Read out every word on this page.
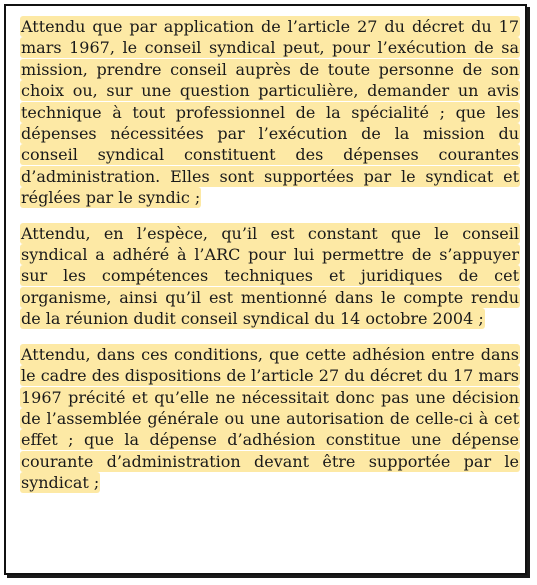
Attendu que par application de l’article 27 du décret du 17 mars 1967, le conseil syndical peut, pour l’exécution de sa mission, prendre conseil auprès de toute personne de son choix ou, sur une question particulière, demander un avis technique à tout professionnel de la spécialité ; que les dépenses nécessitées par l’exécution de la mission du conseil syndical constituent des dépenses courantes d’administration. Elles sont supportées par le syndicat et réglées par le syndic ;

Attendu, en l’espèce, qu’il est constant que le conseil syndical a adhéré à l’ARC pour lui permettre de s’appuyer sur les compétences techniques et juridiques de cet organisme, ainsi qu’il est mentionné dans le compte rendu de la réunion dudit conseil syndical du 14 octobre 2004 ;

Attendu, dans ces conditions, que cette adhésion entre dans le cadre des dispositions de l’article 27 du décret du 17 mars 1967 précité et qu’elle ne nécessitait donc pas une décision de l’assemblée générale ou une autorisation de celle-ci à cet effet ; que la dépense d’adhésion constitue une dépense courante d’administration devant être supportée par le syndicat ;
